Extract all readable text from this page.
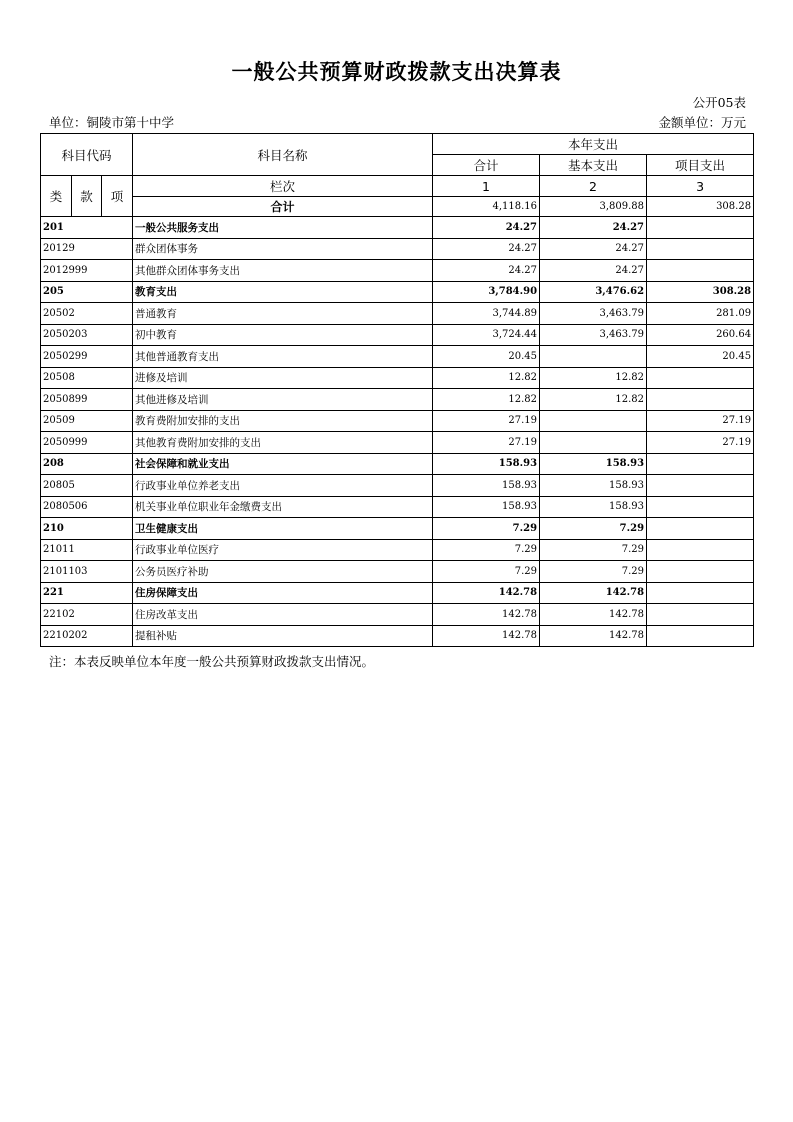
一般公共预算财政拨款支出决算表
公开05表
单位：铜陵市第十中学	金额单位：万元
科目代码			科目名称	本年支出		
				合计	基本支出	项目支出
类	款	项	栏次	1	2	3
			合计	4,118.16	3,809.88	308.28
201			一般公共服务支出	24.27	24.27	
20129			群众团体事务	24.27	24.27	
2012999			其他群众团体事务支出	24.27	24.27	
205			教育支出	3,784.90	3,476.62	308.28
20502			普通教育	3,744.89	3,463.79	281.09
2050203			初中教育	3,724.44	3,463.79	260.64
2050299			其他普通教育支出	20.45		20.45
20508			进修及培训	12.82	12.82	
2050899			其他进修及培训	12.82	12.82	
20509			教育费附加安排的支出	27.19		27.19
2050999			其他教育费附加安排的支出	27.19		27.19
208			社会保障和就业支出	158.93	158.93	
20805			行政事业单位养老支出	158.93	158.93	
2080506			机关事业单位职业年金缴费支出	158.93	158.93	
210			卫生健康支出	7.29	7.29	
21011			行政事业单位医疗	7.29	7.29	
2101103			公务员医疗补助	7.29	7.29	
221			住房保障支出	142.78	142.78	
22102			住房改革支出	142.78	142.78	
2210202			提租补贴	142.78	142.78	
注：本表反映单位本年度一般公共预算财政拨款支出情况。
